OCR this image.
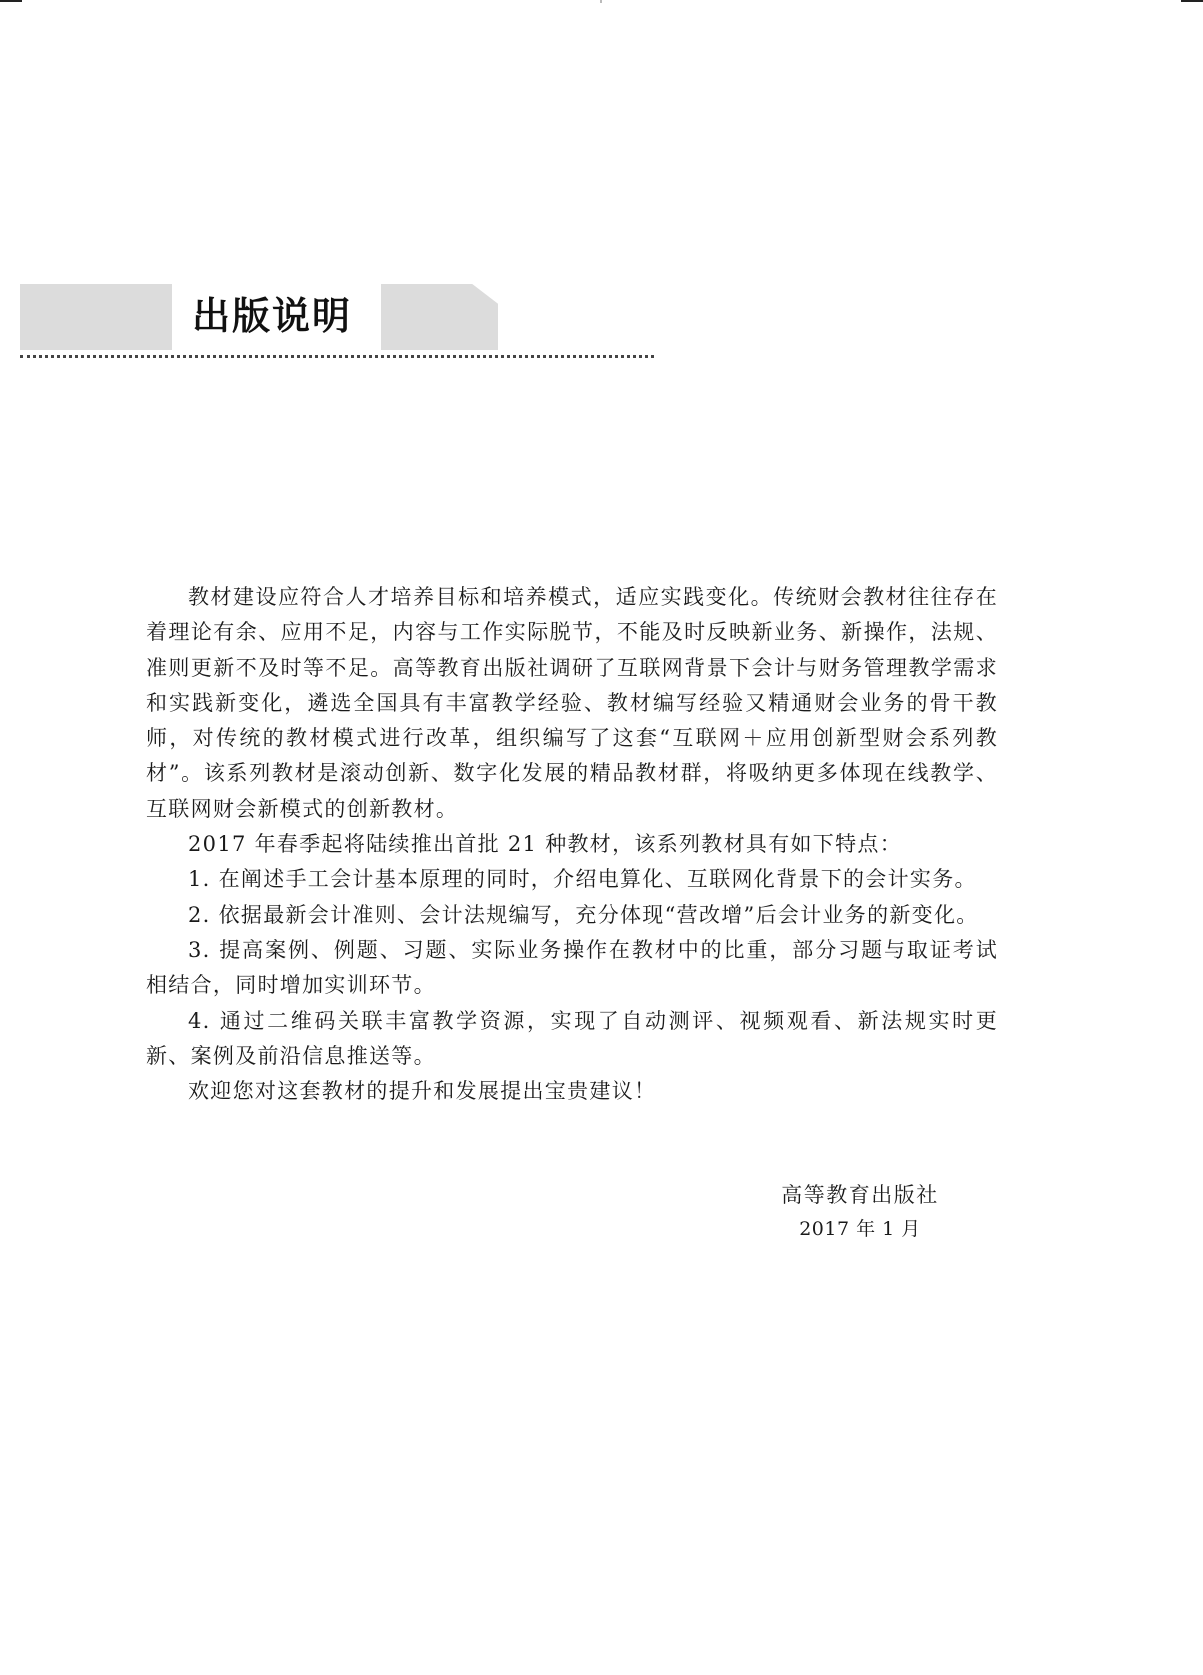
出版说明

教材建设应符合人才培养目标和培养模式，适应实践变化。传统财会教材往往存在着理论有余、应用不足，内容与工作实际脱节，不能及时反映新业务、新操作，法规、准则更新不及时等不足。高等教育出版社调研了互联网背景下会计与财务管理教学需求和实践新变化，遴选全国具有丰富教学经验、教材编写经验又精通财会业务的骨干教师，对传统的教材模式进行改革，组织编写了这套“互联网＋应用创新型财会系列教材”。该系列教材是滚动创新、数字化发展的精品教材群，将吸纳更多体现在线教学、互联网财会新模式的创新教材。

2017 年春季起将陆续推出首批 21 种教材，该系列教材具有如下特点：

1. 在阐述手工会计基本原理的同时，介绍电算化、互联网化背景下的会计实务。

2. 依据最新会计准则、会计法规编写，充分体现“营改增”后会计业务的新变化。

3. 提高案例、例题、习题、实际业务操作在教材中的比重，部分习题与取证考试相结合，同时增加实训环节。

4. 通过二维码关联丰富教学资源，实现了自动测评、视频观看、新法规实时更新、案例及前沿信息推送等。

欢迎您对这套教材的提升和发展提出宝贵建议！

高等教育出版社
2017 年 1 月
